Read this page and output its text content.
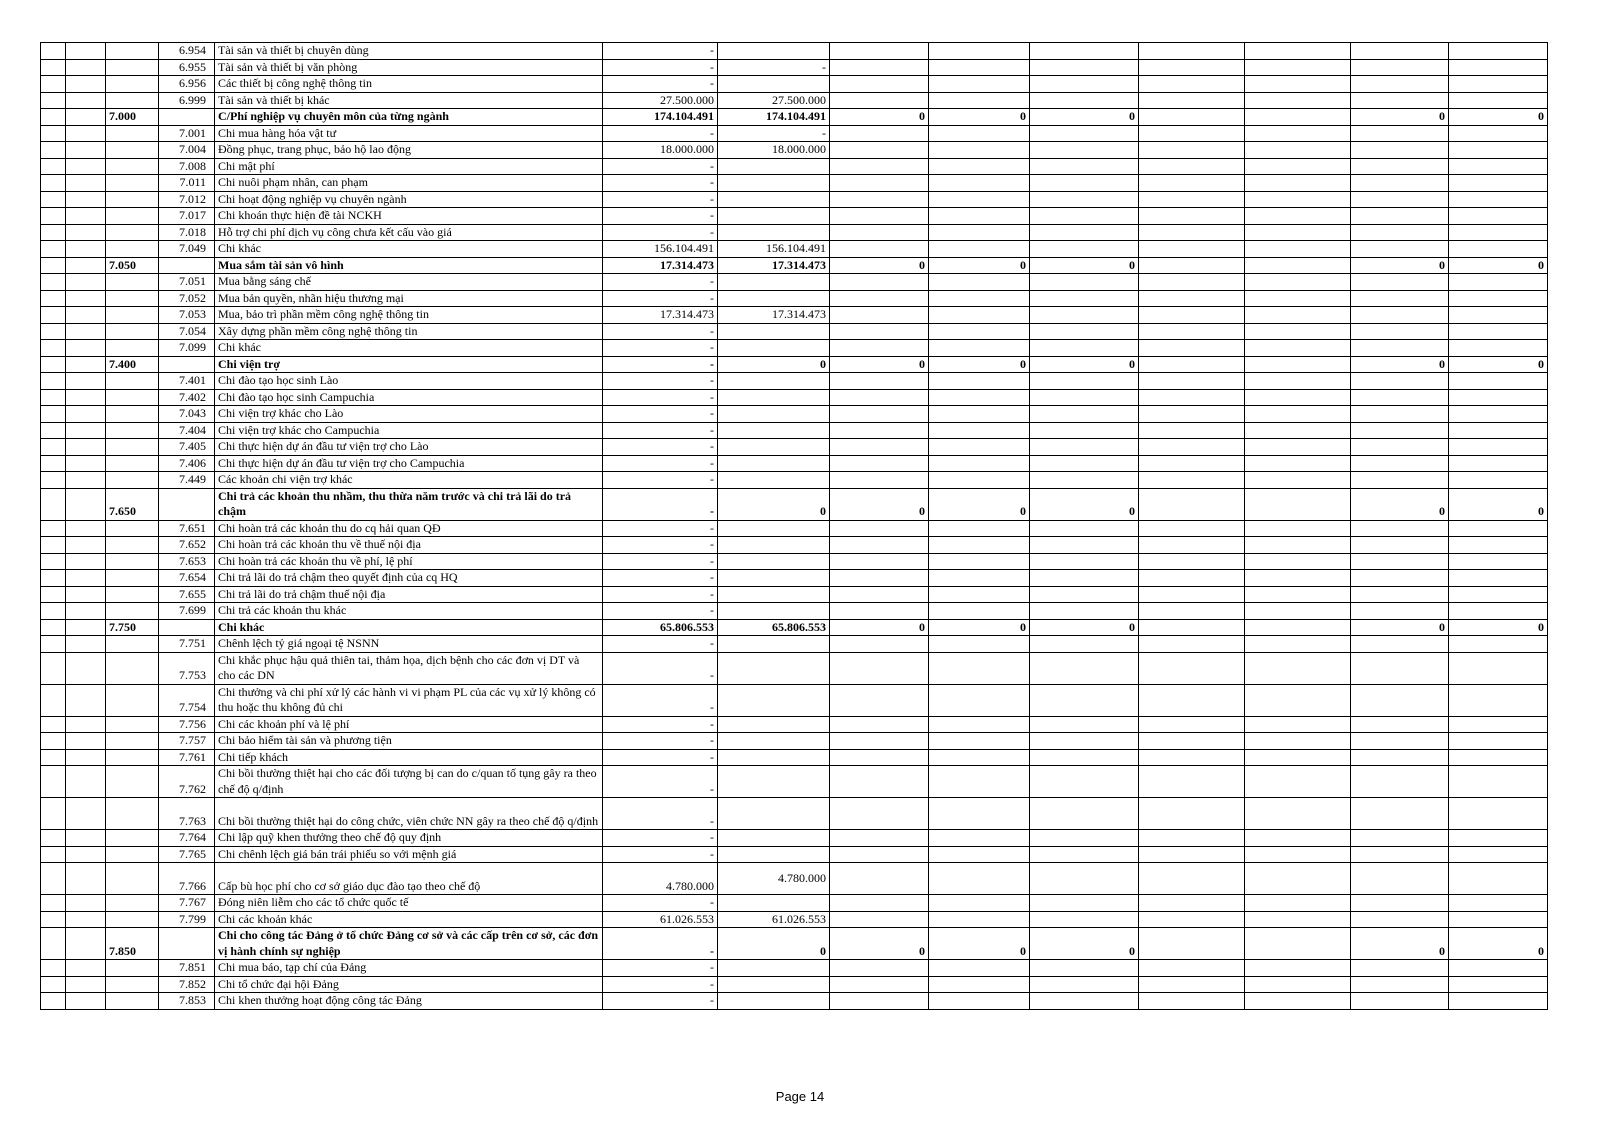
			6.954	Tài sản và thiết bị chuyên dùng	-								
			6.955	Tài sản và thiết bị văn phòng	-	-							
			6.956	Các thiết bị công nghệ thông tin	-								
			6.999	Tài sản và thiết bị khác	27.500.000	27.500.000							
		7.000		C/Phí nghiệp vụ chuyên môn của từng ngành	174.104.491	174.104.491	0	0	0			0	0
			7.001	Chi mua hàng hóa vật tư	-	-							
			7.004	Đồng phục, trang phục, bảo hộ lao động	18.000.000	18.000.000							
			7.008	Chi mật phí	-								
			7.011	Chi nuôi phạm nhân, can phạm	-								
			7.012	Chi hoạt động nghiệp vụ chuyên ngành	-								
			7.017	Chi khoán thực hiện đề tài NCKH	-								
			7.018	Hỗ trợ chi phí dịch vụ công chưa kết cấu vào giá	-								
			7.049	Chi khác	156.104.491	156.104.491							
		7.050		Mua sắm tài sản vô hình	17.314.473	17.314.473	0	0	0			0	0
			7.051	Mua bằng sáng chế	-								
			7.052	Mua bản quyền, nhãn hiệu thương mại	-								
			7.053	Mua, bảo trì phần mềm công nghệ thông tin	17.314.473	17.314.473							
			7.054	Xây dựng phần mềm công nghệ thông tin	-								
			7.099	Chi khác	-								
		7.400		Chi viện trợ	-	0	0	0	0			0	0
			7.401	Chi đào tạo học sinh Lào	-								
			7.402	Chi đào tạo học sinh Campuchia	-								
			7.043	Chi viện trợ khác cho Lào	-								
			7.404	Chi viện trợ khác cho Campuchia	-								
			7.405	Chi thực hiện dự án đầu tư viện trợ cho Lào	-								
			7.406	Chi thực hiện dự án đầu tư viện trợ cho Campuchia	-								
			7.449	Các khoản chi viện trợ khác	-								
		7.650		Chi trả các khoản thu nhầm, thu thừa năm trước và chi trả lãi do trả chậm	-	0	0	0	0			0	0
			7.651	Chi hoàn trả các khoản thu do cq hải quan QĐ	-								
			7.652	Chi hoàn trả các khoản thu về thuế nội địa	-								
			7.653	Chi hoàn trả các khoản thu về phí, lệ phí	-								
			7.654	Chi trả lãi do trả chậm theo quyết định của cq HQ	-								
			7.655	Chi trả lãi do trả chậm thuế nội địa	-								
			7.699	Chi trả các khoản thu khác	-								
		7.750		Chi khác	65.806.553	65.806.553	0	0	0			0	0
			7.751	Chênh lệch tỷ giá ngoại tệ NSNN	-								
			7.753	Chi khắc phục hậu quả thiên tai, thảm họa, dịch bệnh cho các đơn vị DT và cho các DN	-								
			7.754	Chi thưởng và chi phí xử lý các hành vi vi phạm PL của các vụ xử lý không có thu hoặc thu không đủ chi	-								
			7.756	Chi các khoản phí và lệ phí	-								
			7.757	Chi bảo hiểm tài sản và phương tiện	-								
			7.761	Chi tiếp khách	-								
			7.762	Chi bồi thường thiệt hại cho các đối tượng bị can do c/quan tố tụng gây ra theo chế độ q/định	-								
			7.763	Chi bồi thường thiệt hại do công chức, viên chức NN gây ra theo chế độ q/định	-								
			7.764	Chi lập quỹ khen thưởng theo chế độ quy định	-								
			7.765	Chi chênh lệch giá bán trái phiếu so với mệnh giá	-								
			7.766	Cấp bù học phí cho cơ sở giáo dục đào tạo theo chế độ	4.780.000	4.780.000							
			7.767	Đóng niên liễm cho các tổ chức quốc tế	-								
			7.799	Chi các khoản khác	61.026.553	61.026.553							
		7.850		Chi cho công tác Đảng ở tổ chức Đảng cơ sở và các cấp trên cơ sở, các đơn vị hành chính sự nghiệp	-	0	0	0	0			0	0
			7.851	Chi mua báo, tạp chí của Đảng	-								
			7.852	Chi tổ chức đại hội Đảng	-								
			7.853	Chi khen thưởng hoạt động công tác Đảng	-								
Page 14
